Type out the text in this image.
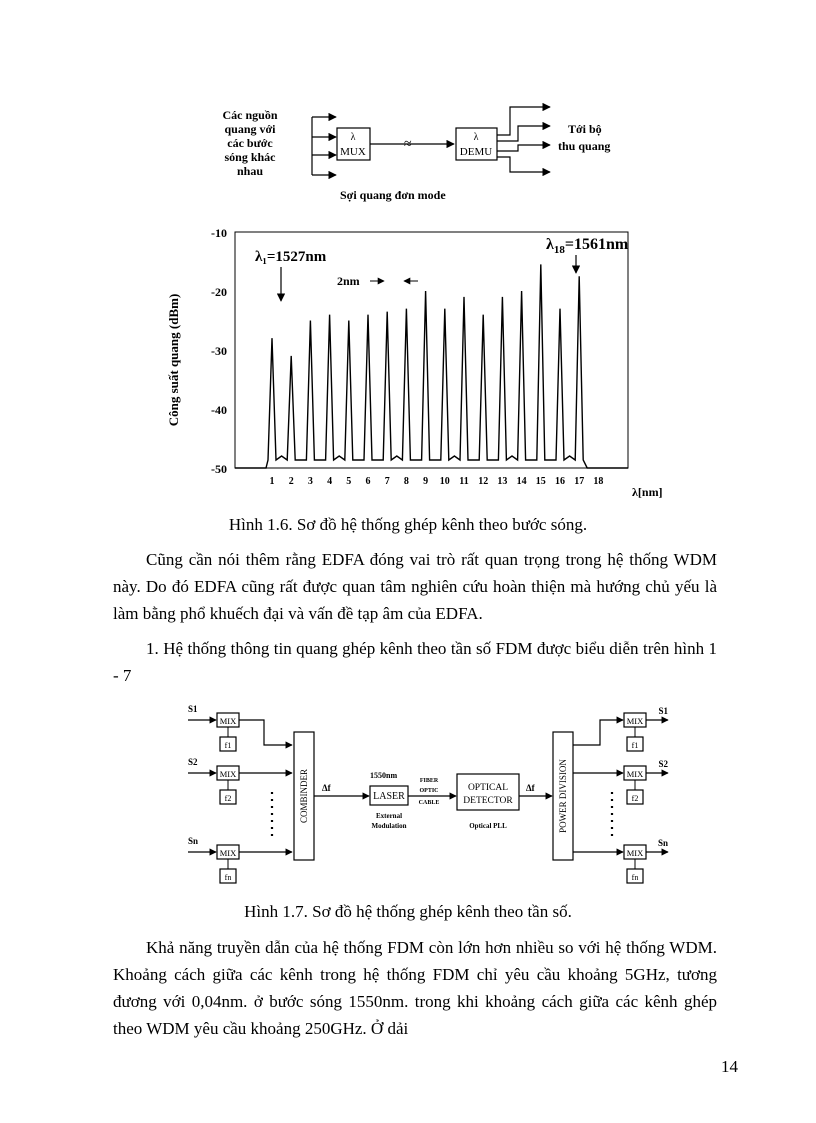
Các nguồn
quang với
các bước
sóng khác
nhau
λ
MUX	≈	λ
DEMU
Tới bộ
thu quang
Sợi quang đơn mode
Công suất quang (dBm)
-10
-20
-30
-40
-50
1 2 3 4 5 6 7 8 9 10 11 12 13 14 15 16 17 18
λ[nm]
λ₁=1527nm
$\lambda_{18}=1561nm$
2nm
Hình 1.6. Sơ đồ hệ thống ghép kênh theo bước sóng.

Cũng cần nói thêm rằng EDFA đóng vai trò rất quan trọng trong hệ thống WDM này. Do đó EDFA cũng rất được quan tâm nghiên cứu hoàn thiện mà hướng chủ yếu là làm bằng phổ khuếch đại và vấn đề tạp âm của EDFA.

1. Hệ thống thông tin quang ghép kênh theo tần số FDM được biểu diễn trên hình 1 - 7

S1
MIX
f1
S2
MIX
f2
Sn
MIX
fn
MIX
f1
S1
MIX
f2
S2
MIX
fn
Sn
COMBINDER Δf
1550nm
LASER
External
Modulation
FIBER
OPTIC
CABLE
OPTICAL
DETECTOR
Optical PLL
Δf	POWER DIVISION
Hình 1.7. Sơ đồ hệ thống ghép kênh theo tần số.

Khả năng truyền dẫn của hệ thống FDM còn lớn hơn nhiều so với hệ thống WDM. Khoảng cách giữa các kênh trong hệ thống FDM chỉ yêu cầu khoảng 5GHz, tương đương với 0,04nm. ở bước sóng 1550nm. trong khi khoảng cách giữa các kênh ghép theo WDM yêu cầu khoảng 250GHz. Ở dải

14
